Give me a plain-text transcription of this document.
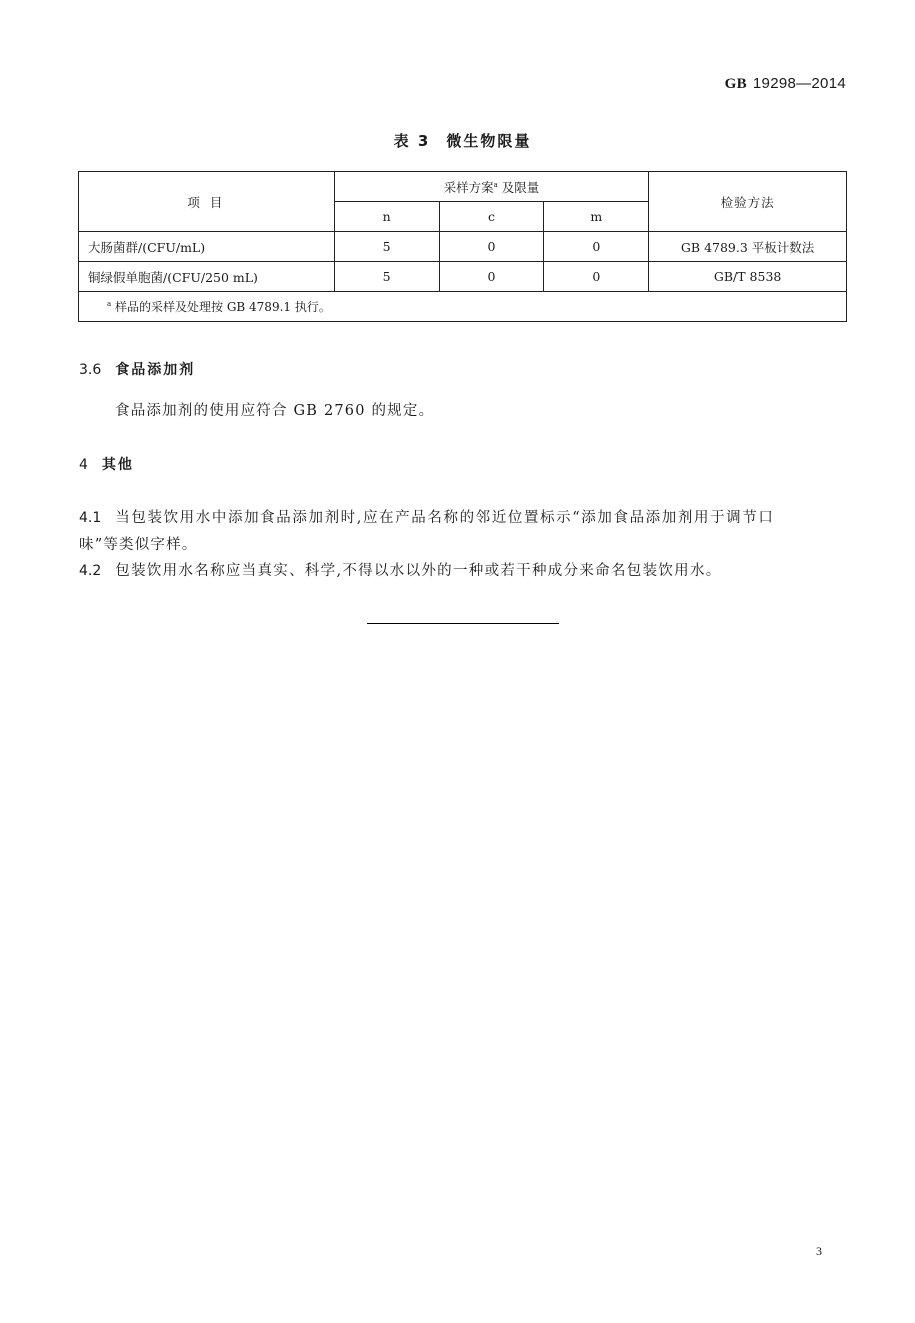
GB 19298—2014
表 3 微生物限量
项 目	采样方案$^a$ 及限量			检验方法
	n	c	m	
大肠菌群/(CFU/mL)	5	0	0	GB 4789.3 平板计数法
铜绿假单胞菌/(CFU/250 mL)	5	0	0	GB/T 8538
$^a$ 样品的采样及处理按 GB 4789.1 执行。				
3.6 食品添加剂
食品添加剂的使用应符合 GB 2760 的规定。
4 其他
4.1 当包装饮用水中添加食品添加剂时,应在产品名称的邻近位置标示“添加食品添加剂用于调节口
味”等类似字样。
4.2 包装饮用水名称应当真实、科学,不得以水以外的一种或若干种成分来命名包装饮用水。
3
